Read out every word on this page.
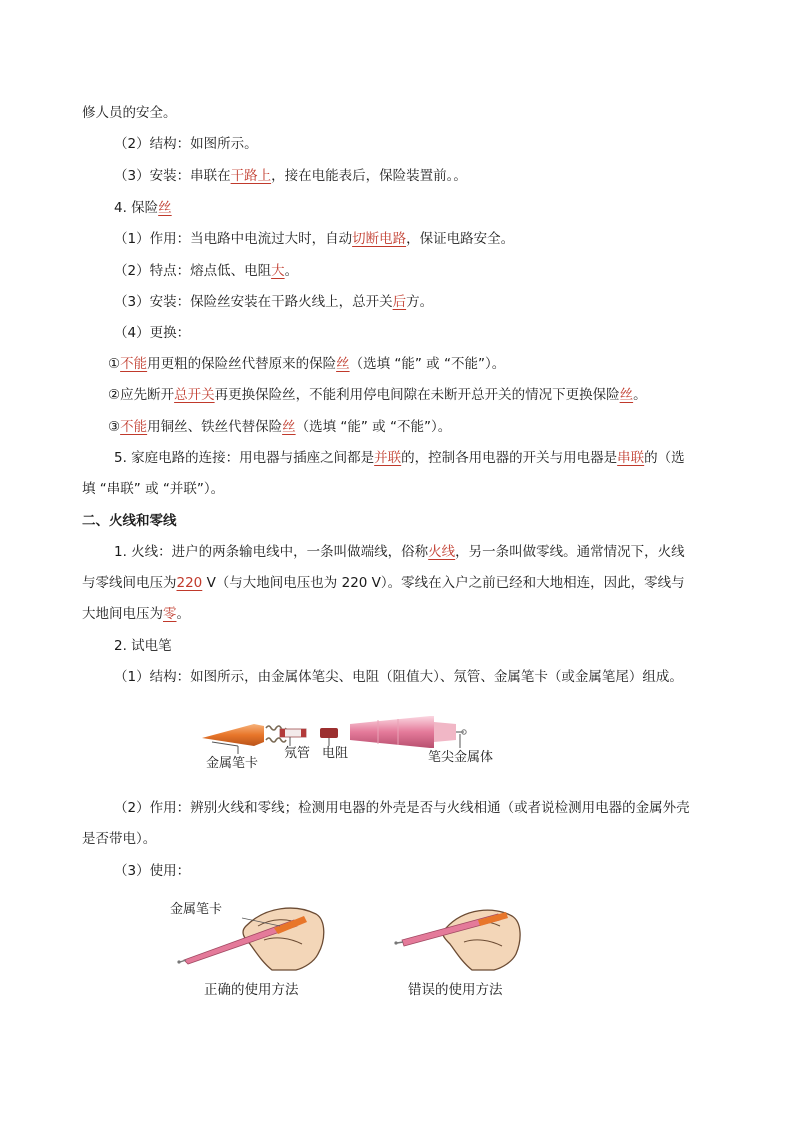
修人员的安全。
（2）结构：如图所示。
（3）安装：串联在干路上，接在电能表后，保险装置前。。
4. 保险丝
（1）作用：当电路中电流过大时，自动切断电路，保证电路安全。
（2）特点：熔点低、电阻大。
（3）安装：保险丝安装在干路火线上，总开关后方。
（4）更换：
①不能用更粗的保险丝代替原来的保险丝（选填 “能” 或 “不能”）。
②应先断开总开关再更换保险丝，不能利用停电间隙在未断开总开关的情况下更换保险丝。
③不能用铜丝、铁丝代替保险丝（选填 “能” 或 “不能”）。
5. 家庭电路的连接：用电器与插座之间都是并联的，控制各用电器的开关与用电器是串联的（选
填 “串联” 或 “并联”）。
二、火线和零线
1. 火线：进户的两条输电线中，一条叫做端线，俗称火线，另一条叫做零线。通常情况下，火线
与零线间电压为220 V（与大地间电压也为 220 V）。零线在入户之前已经和大地相连，因此，零线与
大地间电压为零。
2. 试电笔
（1）结构：如图所示，由金属体笔尖、电阻（阻值大）、氖管、金属笔卡（或金属笔尾）组成。
金属笔卡
氖管 电阻	笔尖金属体
（2）作用：辨别火线和零线；检测用电器的外壳是否与火线相通（或者说检测用电器的金属外壳
是否带电）。
（3）使用：
金属笔卡
正确的使用方法	错误的使用方法
